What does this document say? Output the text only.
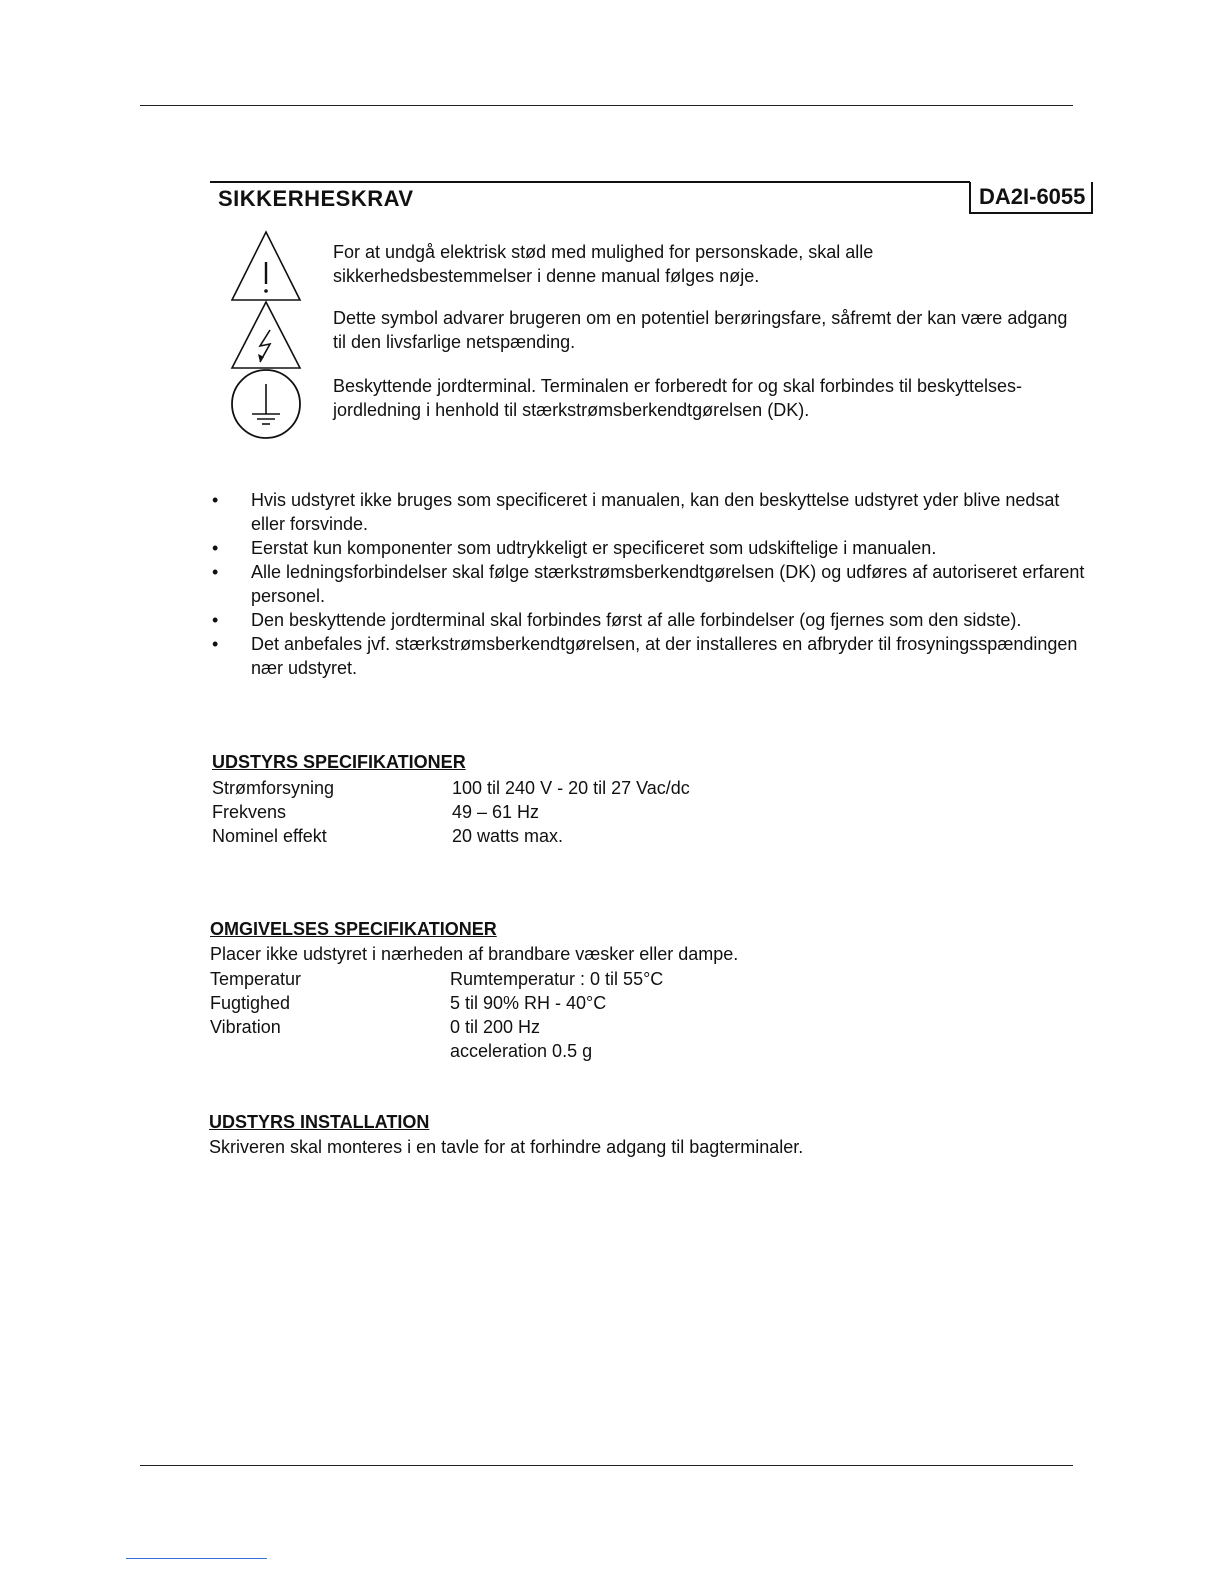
SIKKERHESKRAV	DA2I-6055
For at undgå elektrisk stød med mulighed for personskade, skal alle sikkerhedsbestemmelser i denne manual følges nøje.
Dette symbol advarer brugeren om en potentiel berøringsfare, såfremt der kan være adgang til den livsfarlige netspænding.
Beskyttende jordterminal. Terminalen er forberedt for og skal forbindes til beskyttelses-jordledning i henhold til stærkstrømsberkendtgørelsen (DK).
• Hvis udstyret ikke bruges som specificeret i manualen, kan den beskyttelse udstyret yder blive nedsat eller forsvinde.
• Eerstat kun komponenter som udtrykkeligt er specificeret som udskiftelige i manualen.
• Alle ledningsforbindelser skal følge stærkstrømsberkendtgørelsen (DK) og udføres af autoriseret erfarent personel.
• Den beskyttende jordterminal skal forbindes først af alle forbindelser (og fjernes som den sidste).
• Det anbefales jvf. stærkstrømsberkendtgørelsen, at der installeres en afbryder til frosyningsspændingen nær udstyret.
UDSTYRS SPECIFIKATIONER
Strømforsyning	100 til 240 V - 20 til 27 Vac/dc
Frekvens	49 – 61 Hz
Nominel effekt	20 watts max.
OMGIVELSES SPECIFIKATIONER
Placer ikke udstyret i nærheden af brandbare væsker eller dampe.
Temperatur	Rumtemperatur : 0 til 55°C
Fugtighed	5 til 90% RH - 40°C
Vibration	0 til 200 Hz
acceleration 0.5 g
UDSTYRS INSTALLATION
Skriveren skal monteres i en tavle for at forhindre adgang til bagterminaler.
